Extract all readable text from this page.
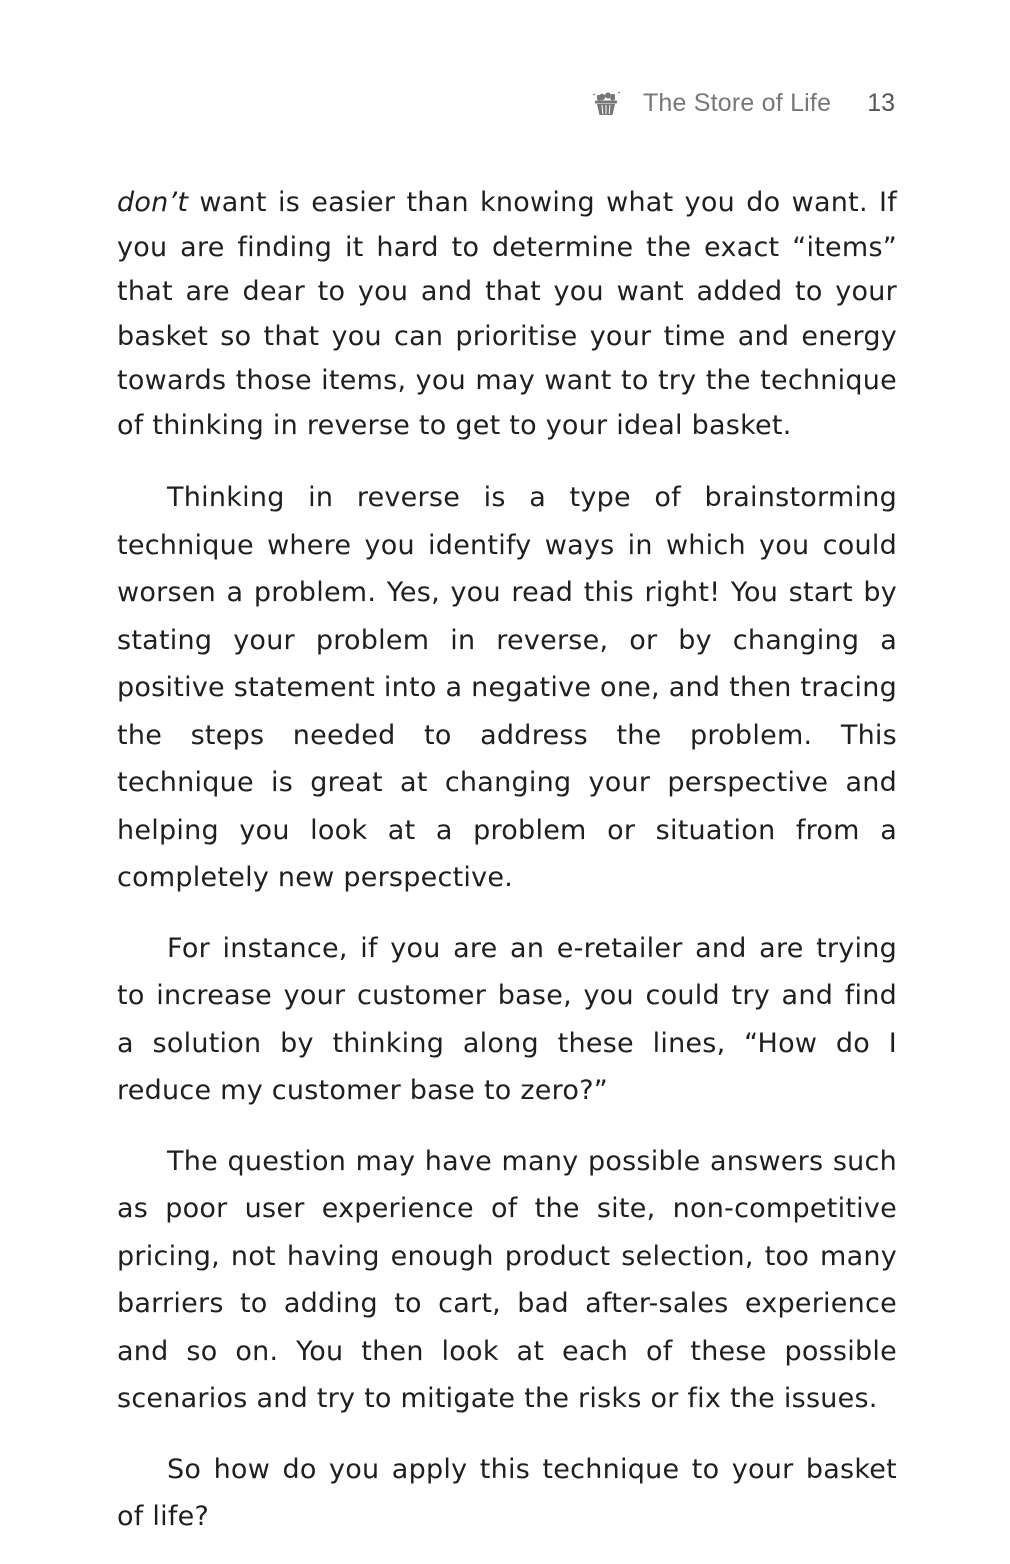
The Store of Life 13

don’t want is easier than knowing what you do want. If you are finding it hard to determine the exact “items” that are dear to you and that you want added to your basket so that you can prioritise your time and energy towards those items, you may want to try the technique of thinking in reverse to get to your ideal basket.

Thinking in reverse is a type of brainstorming technique where you identify ways in which you could worsen a problem. Yes, you read this right! You start by stating your problem in reverse, or by changing a positive statement into a negative one, and then tracing the steps needed to address the problem. This technique is great at changing your perspective and helping you look at a problem or situation from a completely new perspective.

For instance, if you are an e-retailer and are trying to increase your customer base, you could try and find a solution by thinking along these lines, “How do I reduce my customer base to zero?”

The question may have many possible answers such as poor user experience of the site, non-competitive pricing, not having enough product selection, too many barriers to adding to cart, bad after-sales experience and so on. You then look at each of these possible scenarios and try to mitigate the risks or fix the issues.

So how do you apply this technique to your basket of life?
